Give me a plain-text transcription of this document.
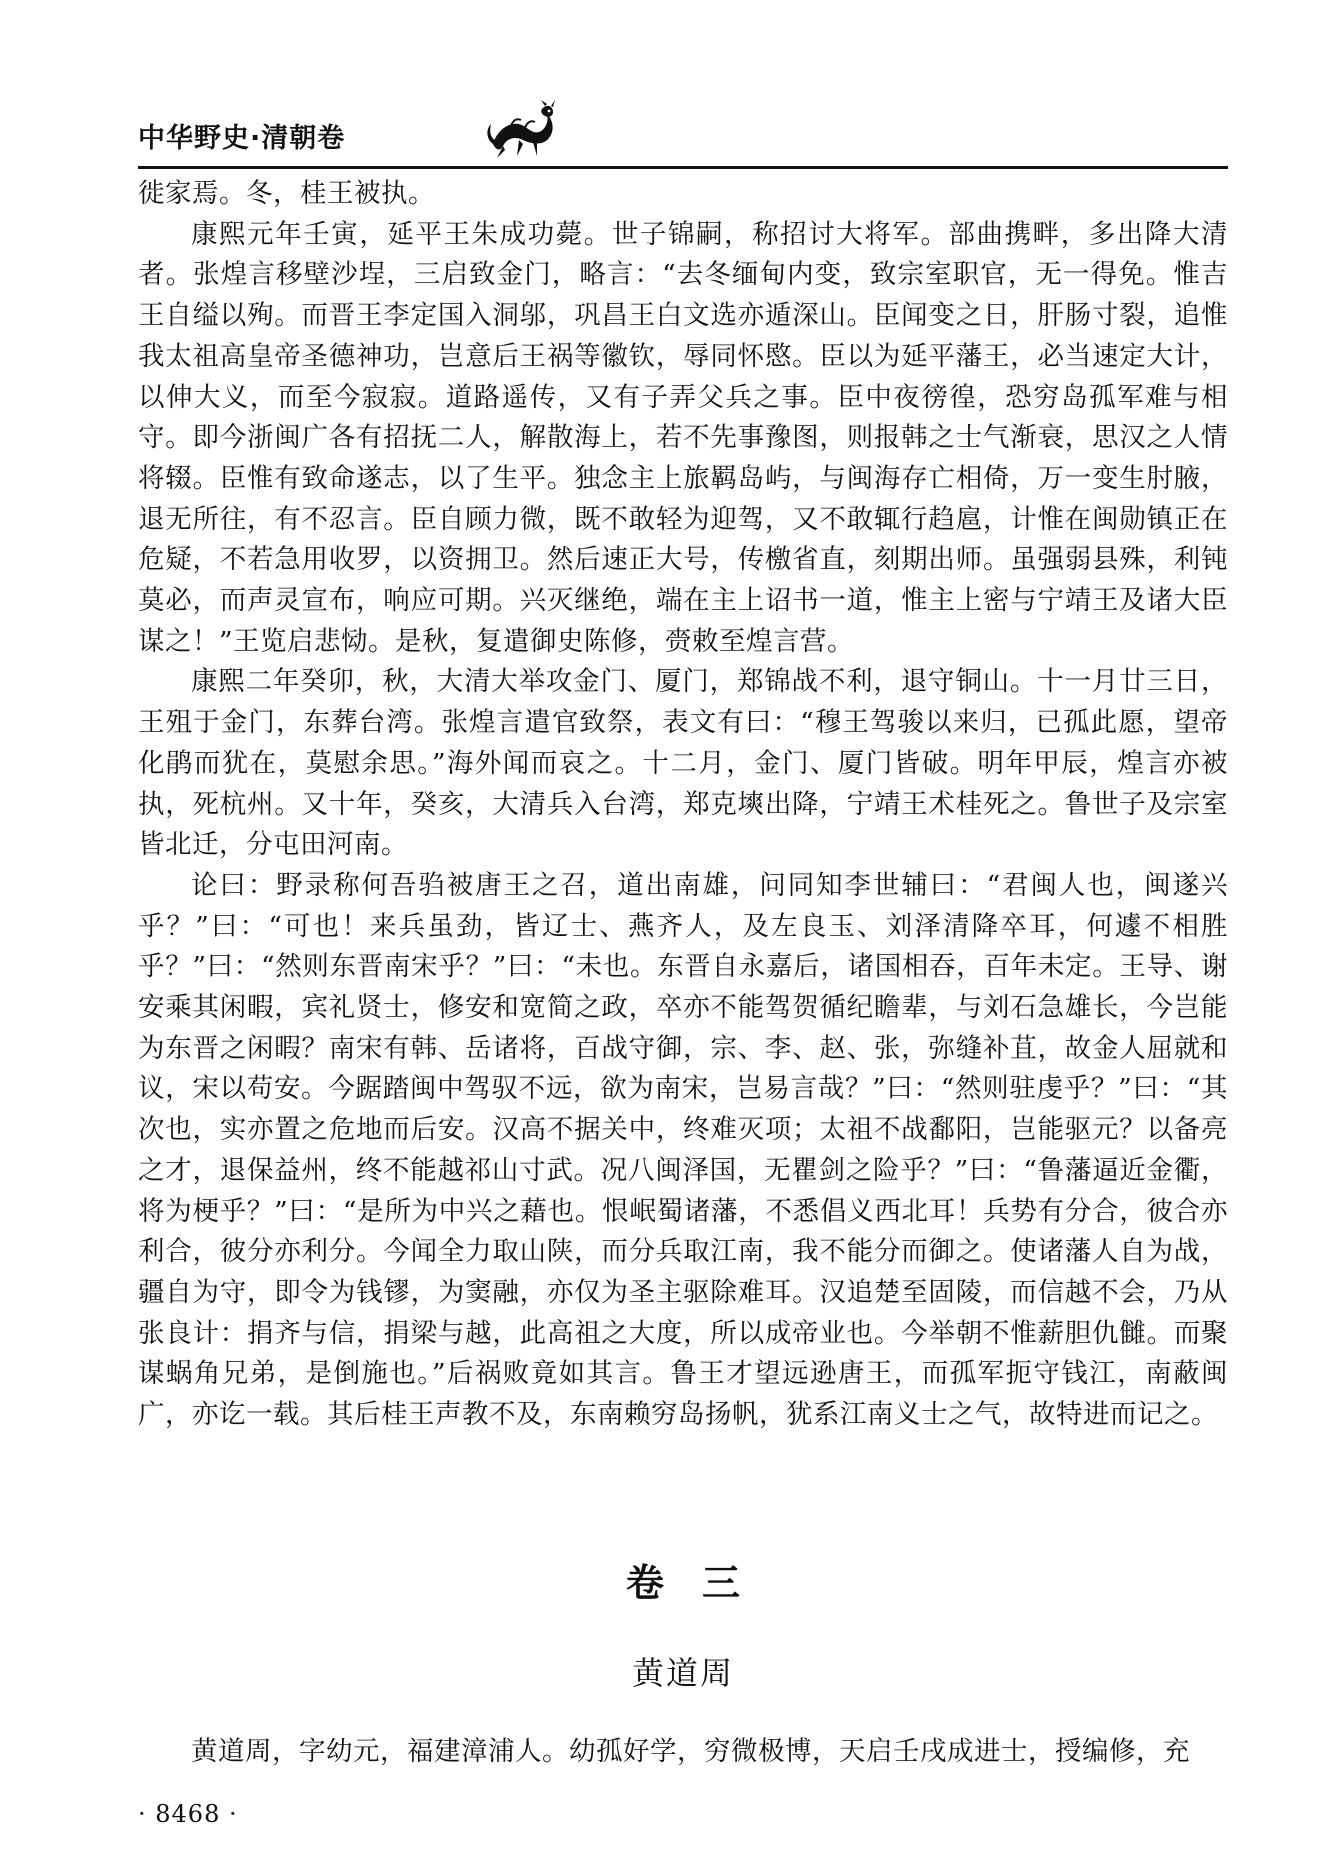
中华野史·清朝卷

徙家焉。冬，桂王被执。

康熙元年壬寅，延平王朱成功薨。世子锦嗣，称招讨大将军。部曲携畔，多出降大清者。张煌言移壁沙埕，三启致金门，略言：“去冬缅甸内变，致宗室职官，无一得免。惟吉王自缢以殉。而晋王李定国入洞邬，巩昌王白文选亦遁深山。臣闻变之日，肝肠寸裂，追惟我太祖高皇帝圣德神功，岂意后王祸等徽钦，辱同怀愍。臣以为延平藩王，必当速定大计，以伸大义，而至今寂寂。道路遥传，又有子弄父兵之事。臣中夜徬徨，恐穷岛孤军难与相守。即今浙闽广各有招抚二人，解散海上，若不先事豫图，则报韩之士气渐衰，思汉之人情将辍。臣惟有致命遂志，以了生平。独念主上旅羁岛屿，与闽海存亡相倚，万一变生肘腋，退无所往，有不忍言。臣自顾力微，既不敢轻为迎驾，又不敢辄行趋扈，计惟在闽勋镇正在危疑，不若急用收罗，以资拥卫。然后速正大号，传檄省直，刻期出师。虽强弱县殊，利钝莫必，而声灵宣布，响应可期。兴灭继绝，端在主上诏书一道，惟主上密与宁靖王及诸大臣谋之！”王览启悲恸。是秋，复遣御史陈修，赍敕至煌言营。

康熙二年癸卯，秋，大清大举攻金门、厦门，郑锦战不利，退守铜山。十一月廿三日，王殂于金门，东葬台湾。张煌言遣官致祭，表文有曰：“穆王驾骏以来归，已孤此愿，望帝化鹃而犹在，莫慰余思。”海外闻而哀之。十二月，金门、厦门皆破。明年甲辰，煌言亦被执，死杭州。又十年，癸亥，大清兵入台湾，郑克塽出降，宁靖王术桂死之。鲁世子及宗室皆北迁，分屯田河南。

论曰：野录称何吾驺被唐王之召，道出南雄，问同知李世辅曰：“君闽人也，闽遂兴乎？”曰：“可也！来兵虽劲，皆辽士、燕齐人，及左良玉、刘泽清降卒耳，何遽不相胜乎？”曰：“然则东晋南宋乎？”曰：“未也。东晋自永嘉后，诸国相吞，百年未定。王导、谢安乘其闲暇，宾礼贤士，修安和宽简之政，卒亦不能驾贺循纪瞻辈，与刘石急雄长，今岂能为东晋之闲暇？南宋有韩、岳诸将，百战守御，宗、李、赵、张，弥缝补苴，故金人屈就和议，宋以苟安。今踞踏闽中驾驭不远，欲为南宋，岂易言哉？”曰：“然则驻虔乎？”曰：“其次也，实亦置之危地而后安。汉高不据关中，终难灭项；太祖不战鄱阳，岂能驱元？以备亮之才，退保益州，终不能越祁山寸武。况八闽泽国，无瞿剑之险乎？”曰：“鲁藩逼近金衢，将为梗乎？”曰：“是所为中兴之藉也。恨岷蜀诸藩，不悉倡义西北耳！兵势有分合，彼合亦利合，彼分亦利分。今闻全力取山陕，而分兵取江南，我不能分而御之。使诸藩人自为战，疆自为守，即令为钱镠，为窦融，亦仅为圣主驱除难耳。汉追楚至固陵，而信越不会，乃从张良计：捐齐与信，捐梁与越，此高祖之大度，所以成帝业也。今举朝不惟薪胆仇雠。而聚谋蜗角兄弟，是倒施也。”后祸败竟如其言。鲁王才望远逊唐王，而孤军扼守钱江，南蔽闽广，亦讫一载。其后桂王声教不及，东南赖穷岛扬帆，犹系江南义士之气，故特进而记之。

卷三
黄道周

黄道周，字幼元，福建漳浦人。幼孤好学，穷微极博，天启壬戌成进士，授编修，充

· 8468 ·
